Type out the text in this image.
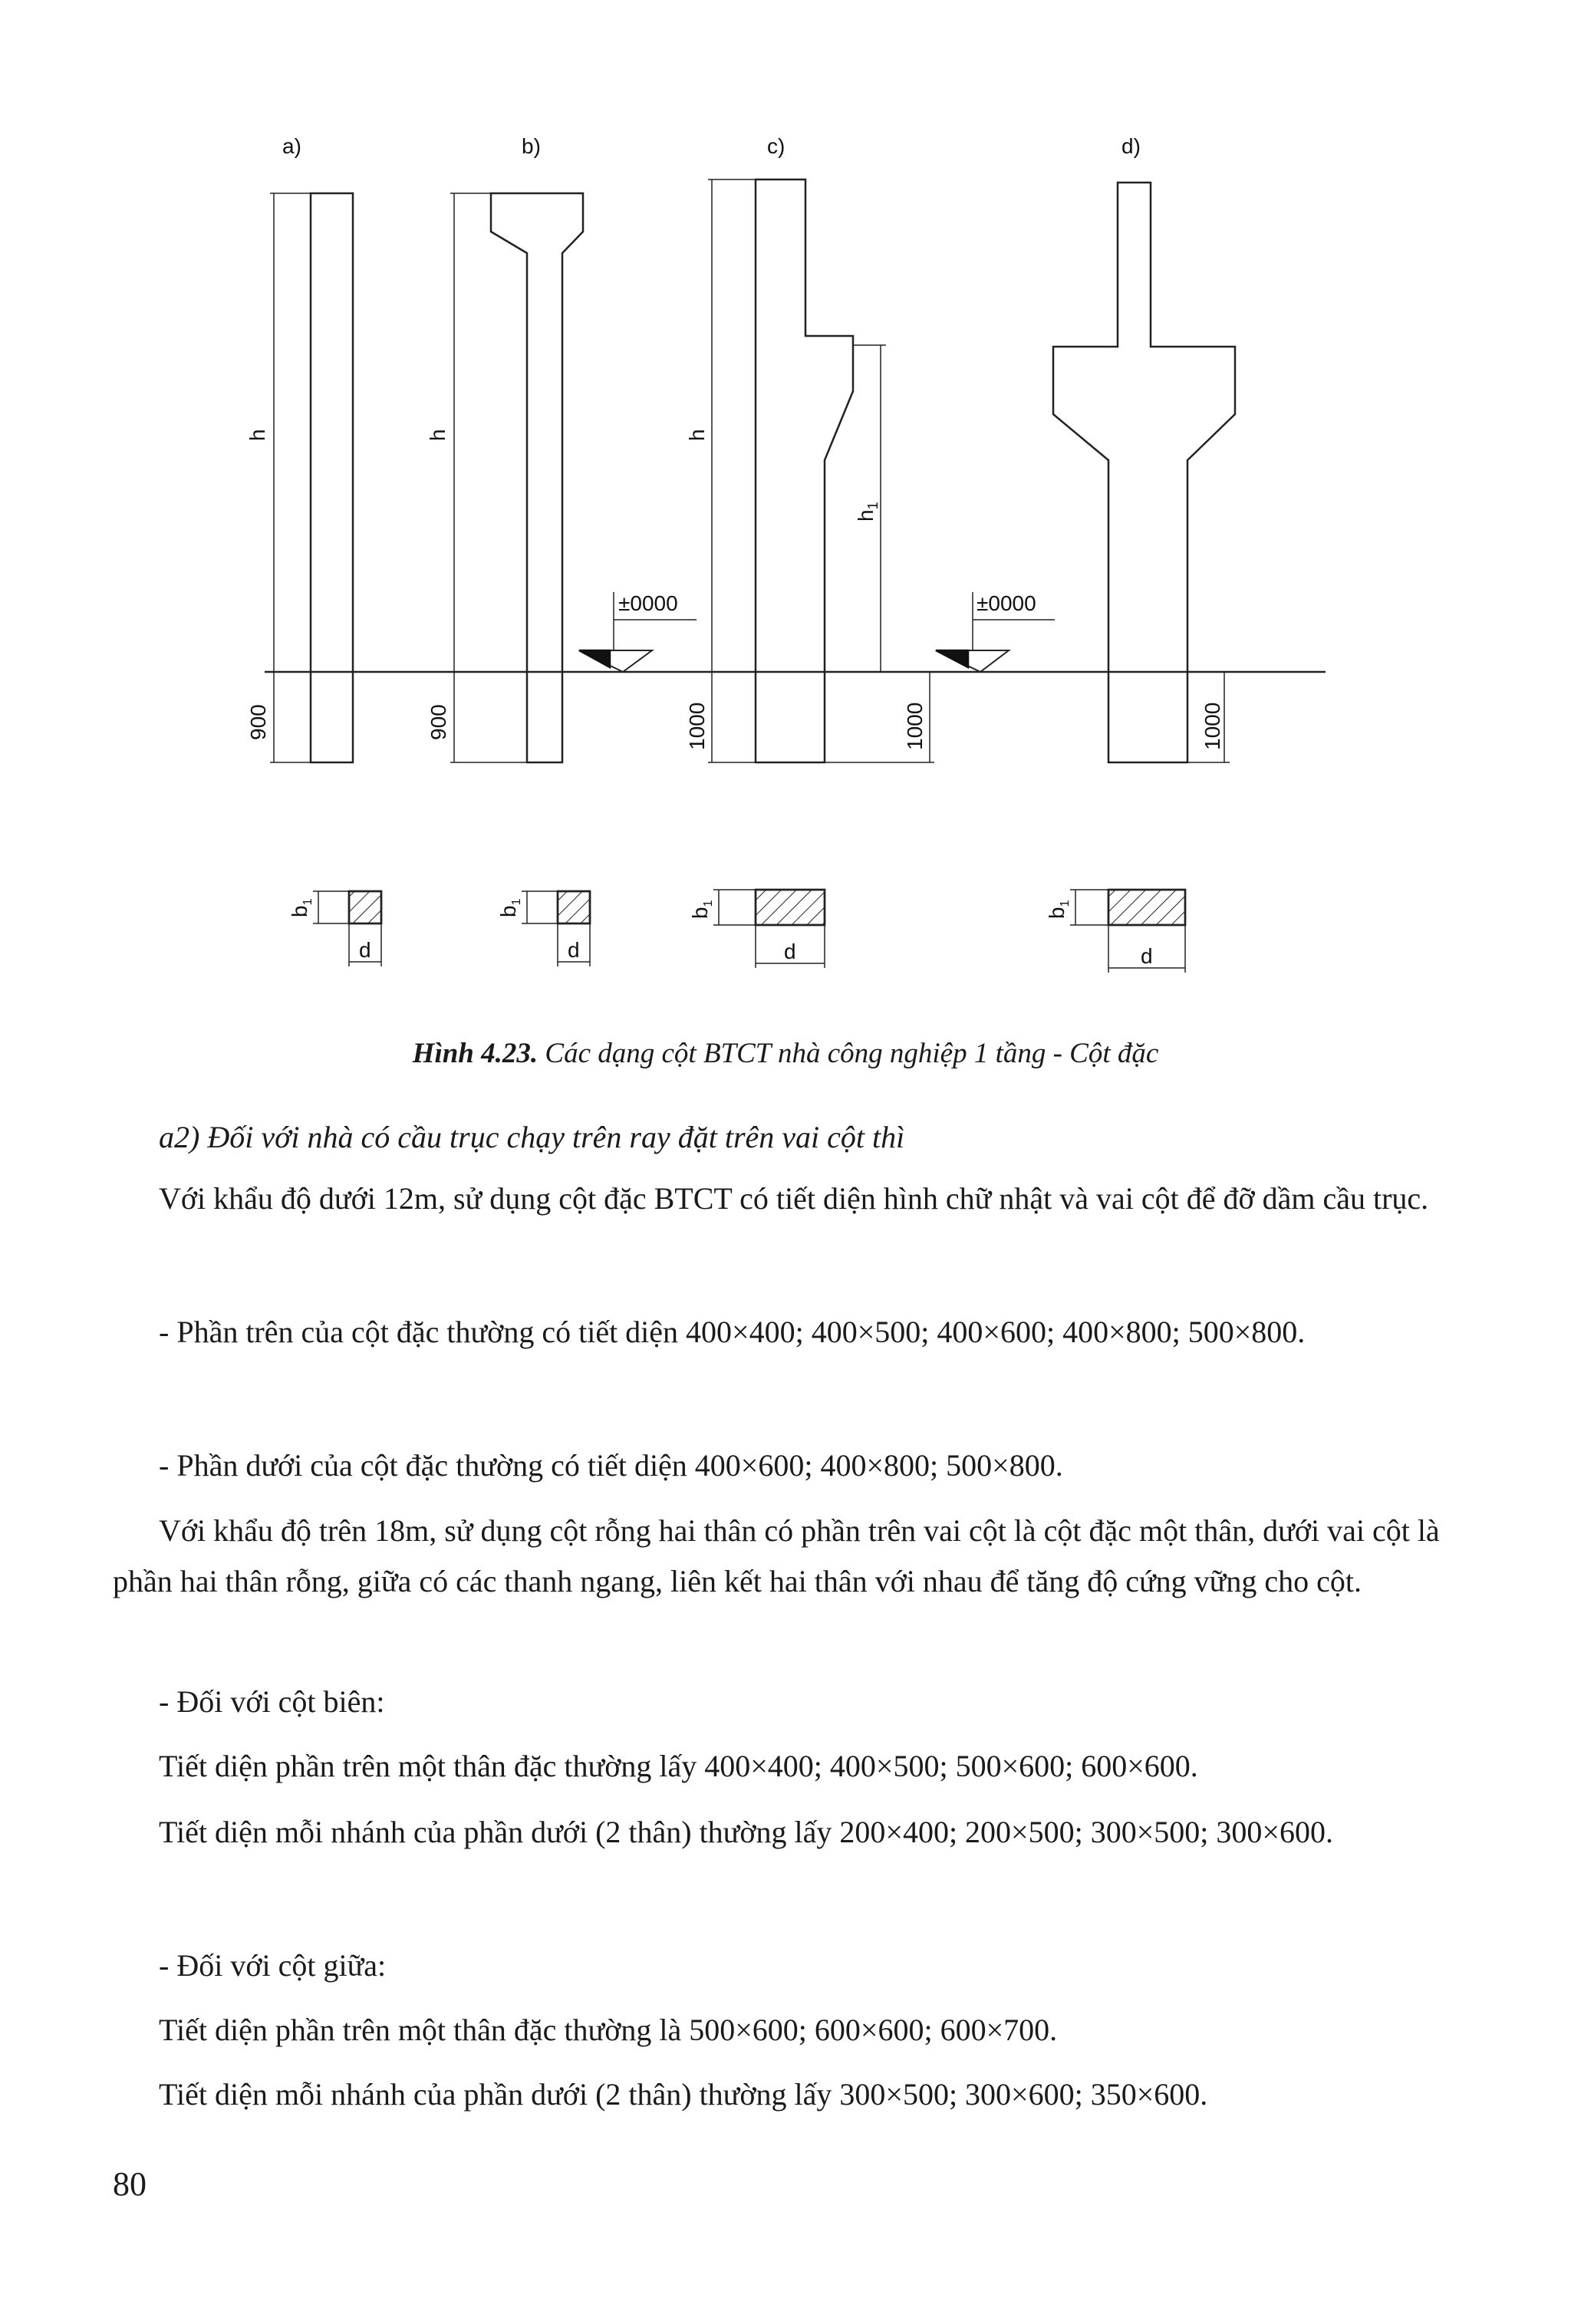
a)	b)	c)	d)
h	h	h
$h_1$
±0000	±0000
900	900	1000	1000	1000
$b_1$
$b_1$
$b_1$
$b_1$
d	d	d	d
Hình 4.23. Các dạng cột BTCT nhà công nghiệp 1 tầng - Cột đặc
a2) Đối với nhà có cầu trục chạy trên ray đặt trên vai cột thì

Với khẩu độ dưới 12m, sử dụng cột đặc BTCT có tiết diện hình chữ nhật và vai cột để đỡ dầm cầu trục.

- Phần trên của cột đặc thường có tiết diện 400×400; 400×500; 400×600; 400×800; 500×800.

- Phần dưới của cột đặc thường có tiết diện 400×600; 400×800; 500×800.

Với khẩu độ trên 18m, sử dụng cột rỗng hai thân có phần trên vai cột là cột đặc một thân, dưới vai cột là phần hai thân rỗng, giữa có các thanh ngang, liên kết hai thân với nhau để tăng độ cứng vững cho cột.

- Đối với cột biên:

Tiết diện phần trên một thân đặc thường lấy 400×400; 400×500; 500×600; 600×600.

Tiết diện mỗi nhánh của phần dưới (2 thân) thường lấy 200×400; 200×500; 300×500; 300×600.

- Đối với cột giữa:

Tiết diện phần trên một thân đặc thường là 500×600; 600×600; 600×700.

Tiết diện mỗi nhánh của phần dưới (2 thân) thường lấy 300×500; 300×600; 350×600.

80
